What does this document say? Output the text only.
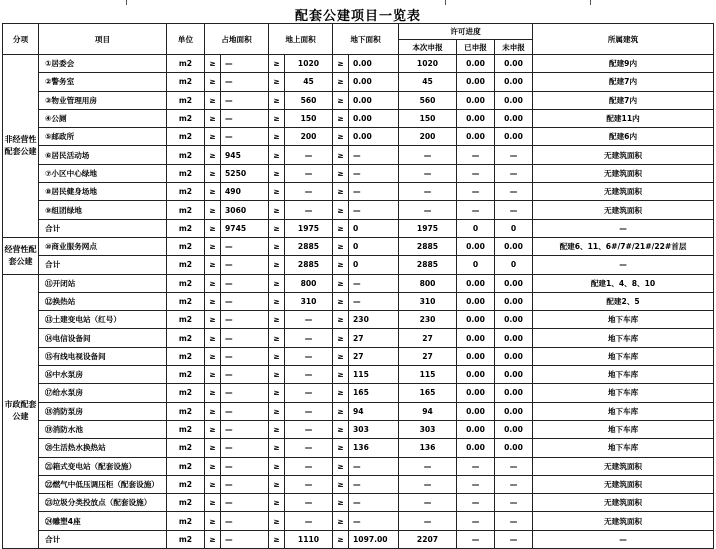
配套公建项目一览表
分项	项目	单位	占地面积		地上面积		地下面积		许可进度			所属建筑
									本次申报	已申报	未申报	
非经营性配套公建	①居委会	m2	≥	—	≥	1020	≥	0.00	1020	0.00	0.00	配建9内
	②警务室	m2	≥	—	≥	45	≥	0.00	45	0.00	0.00	配建7内
	③物业管理用房	m2	≥	—	≥	560	≥	0.00	560	0.00	0.00	配建7内
	④公厕	m2	≥	—	≥	150	≥	0.00	150	0.00	0.00	配建11内
	⑤邮政所	m2	≥	—	≥	200	≥	0.00	200	0.00	0.00	配建6内
	⑥居民活动场	m2	≥	945	≥	—	≥	—	—	—	—	无建筑面积
	⑦小区中心绿地	m2	≥	5250	≥	—	≥	—	—	—	—	无建筑面积
	⑧居民健身场地	m2	≥	490	≥	—	≥	—	—	—	—	无建筑面积
	⑨组团绿地	m2	≥	3060	≥	—	≥	—	—	—	—	无建筑面积
	合计	m2	≥	9745	≥	1975	≥	0	1975	0	0	—
经营性配套公建	⑩商业服务网点	m2	≥	—	≥	2885	≥	0	2885	0.00	0.00	配建6、11、6#/7#/21#/22#首层
	合计	m2	≥	—	≥	2885	≥	0	2885	0	0	—
市政配套公建	⑪开闭站	m2	≥	—	≥	800	≥	—	800	0.00	0.00	配建1、4、8、10
	⑫换热站	m2	≥	—	≥	310	≥	—	310	0.00	0.00	配建2、5
	⑬土建变电站（红号）	m2	≥	—	≥	—	≥	230	230	0.00	0.00	地下车库
	⑭电信设备间	m2	≥	—	≥	—	≥	27	27	0.00	0.00	地下车库
	⑮有线电视设备间	m2	≥	—	≥	—	≥	27	27	0.00	0.00	地下车库
	⑯中水泵房	m2	≥	—	≥	—	≥	115	115	0.00	0.00	地下车库
	⑰给水泵房	m2	≥	—	≥	—	≥	165	165	0.00	0.00	地下车库
	⑱消防泵房	m2	≥	—	≥	—	≥	94	94	0.00	0.00	地下车库
	⑲消防水池	m2	≥	—	≥	—	≥	303	303	0.00	0.00	地下车库
	⑳生活热水换热站	m2	≥	—	≥	—	≥	136	136	0.00	0.00	地下车库
	㉑箱式变电站（配套设施）	m2	≥	—	≥	—	≥	—	—	—	—	无建筑面积
	㉒燃气中低压调压柜（配套设施）	m2	≥	—	≥	—	≥	—	—	—	—	无建筑面积
	㉓垃圾分类投放点（配套设施）	m2	≥	—	≥	—	≥	—	—	—	—	无建筑面积
	㉔雕塑4座	m2	≥	—	≥	—	≥	—	—	—	—	无建筑面积
	合计	m2	≥	—	≥	1110	≥	1097.00	2207	—	—	—
